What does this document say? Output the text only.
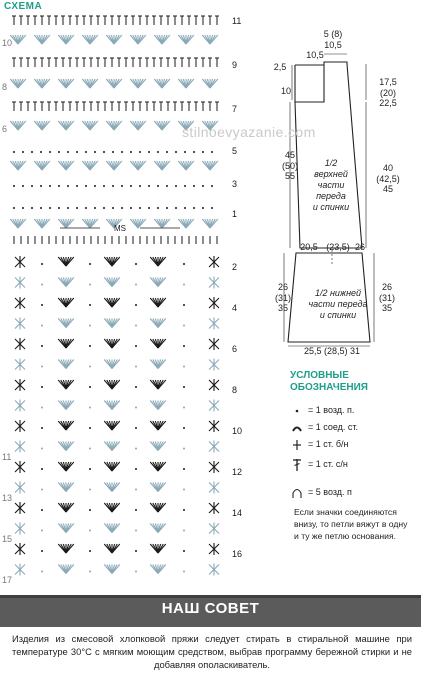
СХЕМА
MS
11
9
7
5
3
1
2
4
6
8
10
12
14
16
10
8
6
17
15
13
11
stilnoevyazanie.com
5 (8)
10,5
10,5
2,5
10
17,5
(20)
22,5
45
(50)
55
40
(42,5)
45
1/2
верхней
части
переда
и спинки
20,5 (23,5) 26
26
(31)
35
26
(31)
35
1/2 нижней
части переда
и спинки
25,5 (28,5) 31
УСЛОВНЫЕ
ОБОЗНАЧЕНИЯ
= 1 возд. п.
= 1 соед. ст.
= 1 ст. б/н
= 1 ст. с/н
= 5 возд. п
Если значки соединяются внизу, то петли вяжут в одну и ту же петлю основания.
НАШ СОВЕТ
Изделия из смесовой хлопковой пряжи следует стирать в стиральной машине при температуре 30°С с мягким моющим средством, выбрав программу бережной стирки и не добавляя ополаскиватель.
